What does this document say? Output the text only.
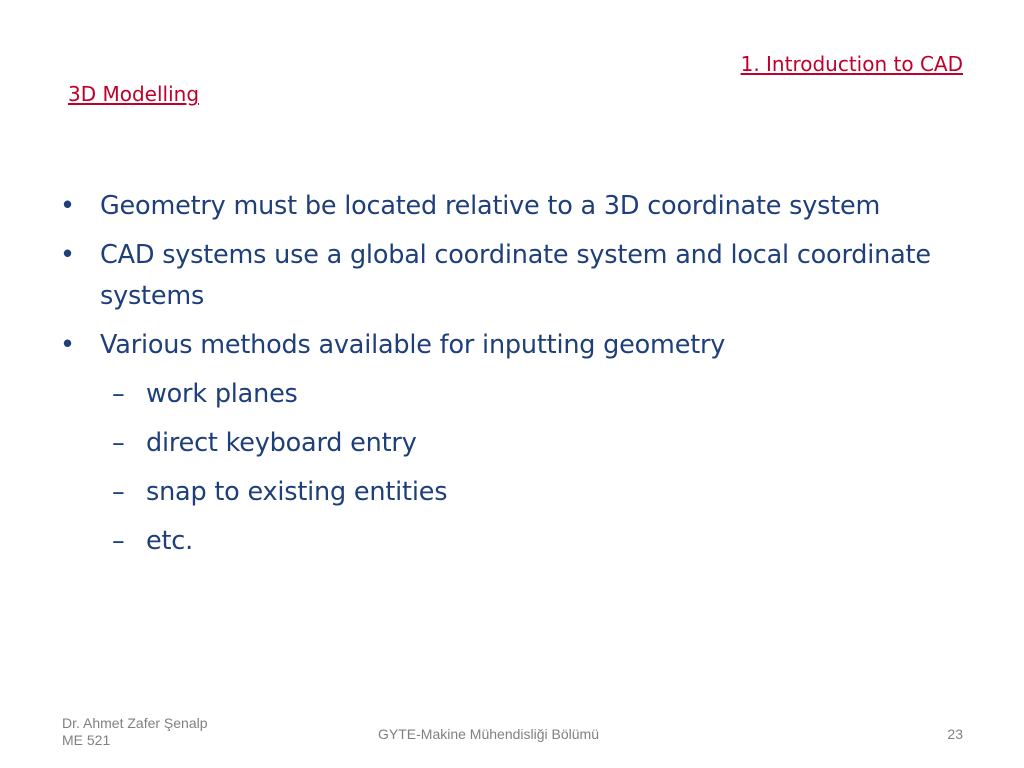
1. Introduction to CAD
3D Modelling
• Geometry must be located relative to a 3D coordinate system
• CAD systems use a global coordinate system and local coordinate systems
• Various methods available for inputting geometry
– work planes
– direct keyboard entry
– snap to existing entities
– etc.
Dr. Ahmet Zafer Şenalp
ME 521	GYTE-Makine Mühendisliği Bölümü	23
